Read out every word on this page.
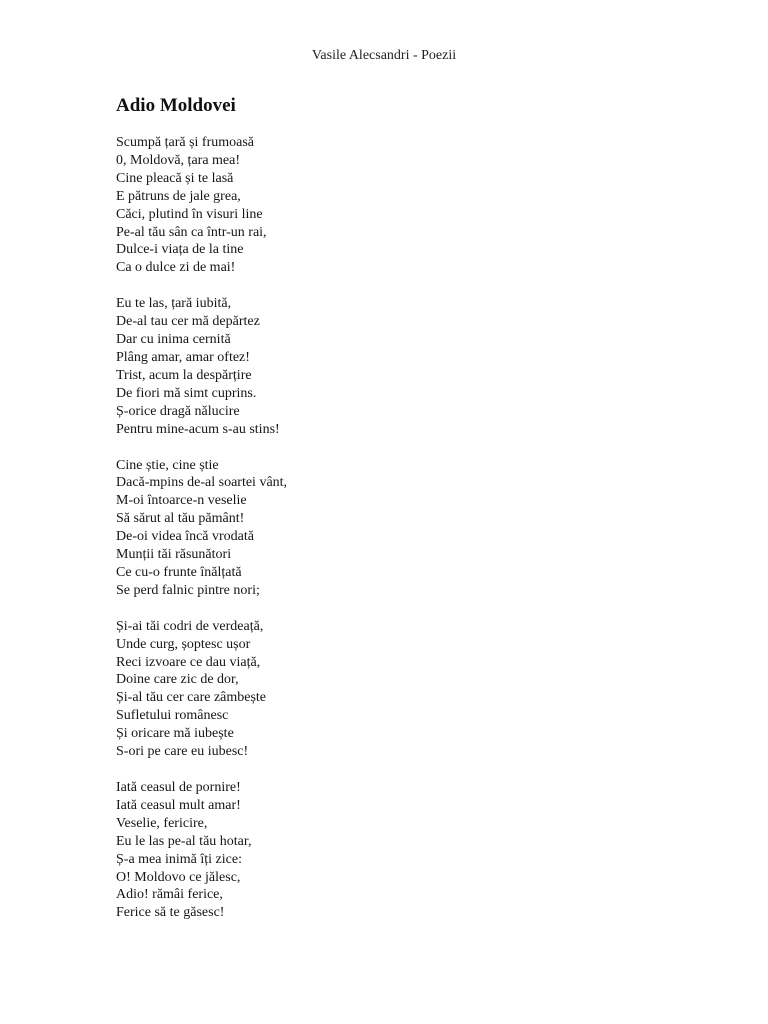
Vasile Alecsandri - Poezii
Adio Moldovei
Scumpă țară și frumoasă
0, Moldovă, țara mea!
Cine pleacă și te lasă
E pătruns de jale grea,
Căci, plutind în visuri line
Pe-al tău sân ca într-un rai,
Dulce-i viața de la tine
Ca o dulce zi de mai!
Eu te las, țară iubită,
De-al tau cer mă depărtez
Dar cu inima cernită
Plâng amar, amar oftez!
Trist, acum la despărțire
De fiori mă simt cuprins.
Ș-orice dragă nălucire
Pentru mine-acum s-au stins!
Cine știe, cine știe
Dacă-mpins de-al soartei vânt,
M-oi întoarce-n veselie
Să sărut al tău pământ!
De-oi videa încă vrodată
Munții tăi răsunători
Ce cu-o frunte înălțată
Se perd falnic pintre nori;
Și-ai tăi codri de verdeață,
Unde curg, șoptesc ușor
Reci izvoare ce dau viață,
Doine care zic de dor,
Și-al tău cer care zâmbește
Sufletului românesc
Și oricare mă iubește
S-ori pe care eu iubesc!
Iată ceasul de pornire!
Iată ceasul mult amar!
Veselie, fericire,
Eu le las pe-al tău hotar,
Ș-a mea inimă îți zice:
O! Moldovo ce jălesc,
Adio! rămâi ferice,
Ferice să te găsesc!
